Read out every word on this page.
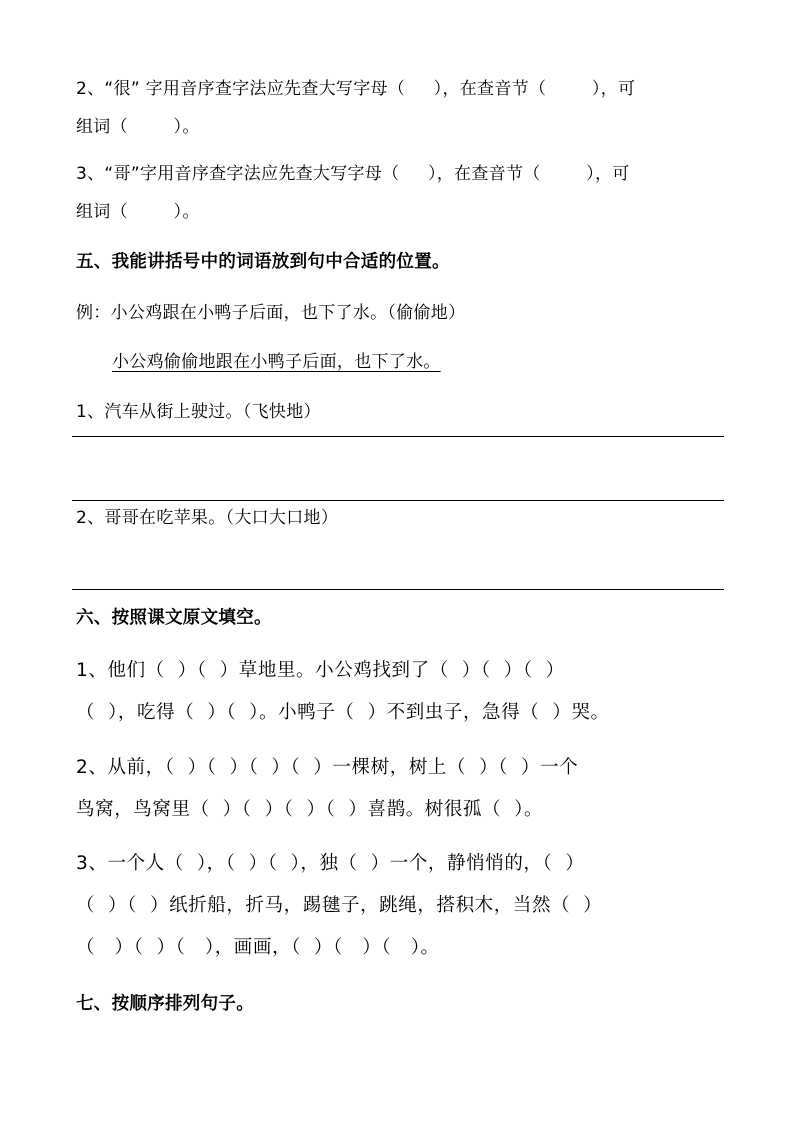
2、“很” 字用音序查字法应先查大写字母（     ），在查音节（        ），可
组词（        ）。
3、“哥”字用音序查字法应先查大写字母（     ），在查音节（        ），可
组词（        ）。
五、我能讲括号中的词语放到句中合适的位置。
例：小公鸡跟在小鸭子后面，也下了水。（偷偷地）
小公鸡偷偷地跟在小鸭子后面，也下了水。
1、汽车从街上驶过。（飞快地）
2、哥哥在吃苹果。（大口大口地）
六、按照课文原文填空。
1、他们（  ）（  ）草地里。小公鸡找到了（  ）（  ）（  ）
（  ），吃得（  ）（  ）。小鸭子（  ）不到虫子，急得（  ）哭。
2、从前，（  ）（  ）（  ）（  ）一棵树，树上（  ）（  ）一个
鸟窝，鸟窝里（  ）（  ）（  ）（  ）喜鹊。树很孤（  ）。
3、一个人（  ），（  ）（  ），独（  ）一个，静悄悄的，（  ）
（  ）（  ）纸折船，折马，踢毽子，跳绳，搭积木，当然（  ）
（   ）（  ）（   ），画画，（  ）（   ）（   ）。
七、按顺序排列句子。
